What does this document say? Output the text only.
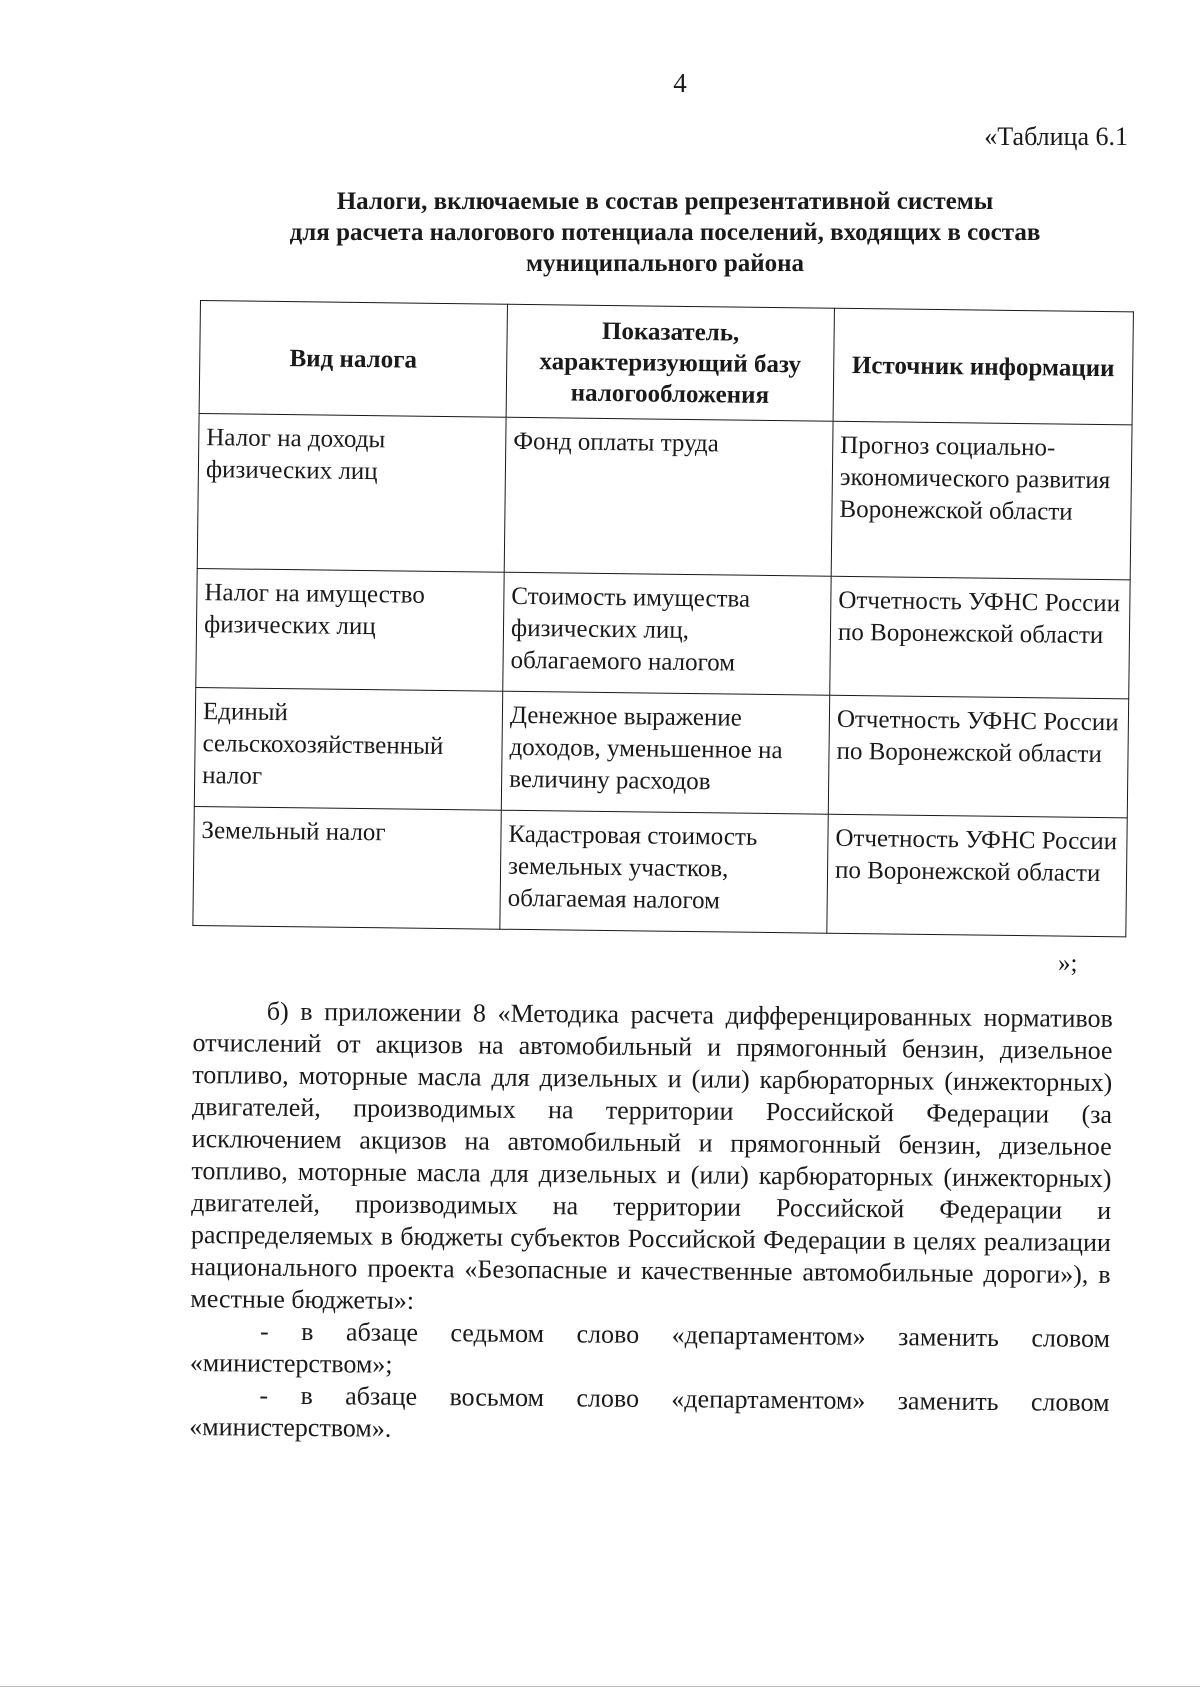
4
«Таблица 6.1
Налоги, включаемые в состав репрезентативной системы
для расчета налогового потенциала поселений, входящих в состав
муниципального района
Вид налога	Показатель, характеризующий базу налогообложения	Источник информации
Налог на доходы физических лиц	Фонд оплаты труда	Прогноз социально-экономического развития Воронежской области
Налог на имущество физических лиц	Стоимость имущества физических лиц, облагаемого налогом	Отчетность УФНС России по Воронежской области
Единый сельскохозяйственный налог	Денежное выражение доходов, уменьшенное на величину расходов	Отчетность УФНС России по Воронежской области
Земельный налог	Кадастровая стоимость земельных участков, облагаемая налогом	Отчетность УФНС России по Воронежской области
»;

б) в приложении 8 «Методика расчета дифференцированных нормативов отчислений от акцизов на автомобильный и прямогонный бензин, дизельное топливо, моторные масла для дизельных и (или) карбюраторных (инжекторных) двигателей, производимых на территории Российской Федерации (за исключением акцизов на автомобильный и прямогонный бензин, дизельное топливо, моторные масла для дизельных и (или) карбюраторных (инжекторных) двигателей, производимых на территории Российской Федерации и распределяемых в бюджеты субъектов Российской Федерации в целях реализации национального проекта «Безопасные и качественные автомобильные дороги»), в местные бюджеты»:

- в абзаце седьмом слово «департаментом» заменить словом «министерством»;

- в абзаце восьмом слово «департаментом» заменить словом «министерством».
